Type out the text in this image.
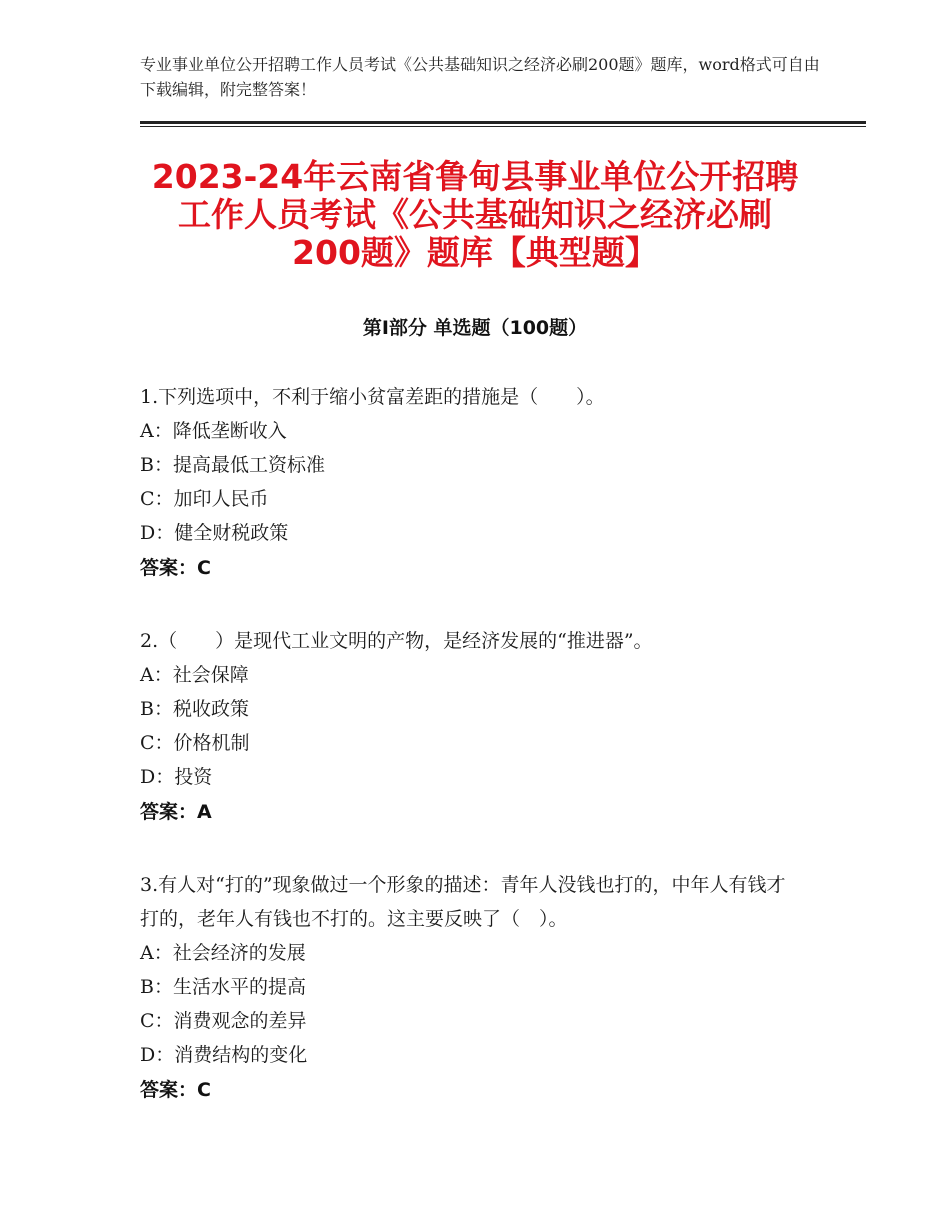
专业事业单位公开招聘工作人员考试《公共基础知识之经济必刷200题》题库，word格式可自由下载编辑，附完整答案！
2023-24年云南省鲁甸县事业单位公开招聘
工作人员考试《公共基础知识之经济必刷
200题》题库【典型题】
第Ⅰ部分 单选题（100题）

1.下列选项中，不利于缩小贫富差距的措施是（　　）。

A：降低垄断收入

B：提高最低工资标准

C：加印人民币

D：健全财税政策

答案：C

2.（　　）是现代工业文明的产物，是经济发展的“推进器”。

A：社会保障

B：税收政策

C：价格机制

D：投资

答案：A

3.有人对“打的”现象做过一个形象的描述：青年人没钱也打的，中年人有钱才打的，老年人有钱也不打的。这主要反映了（　）。

A：社会经济的发展

B：生活水平的提高

C：消费观念的差异

D：消费结构的变化

答案：C
